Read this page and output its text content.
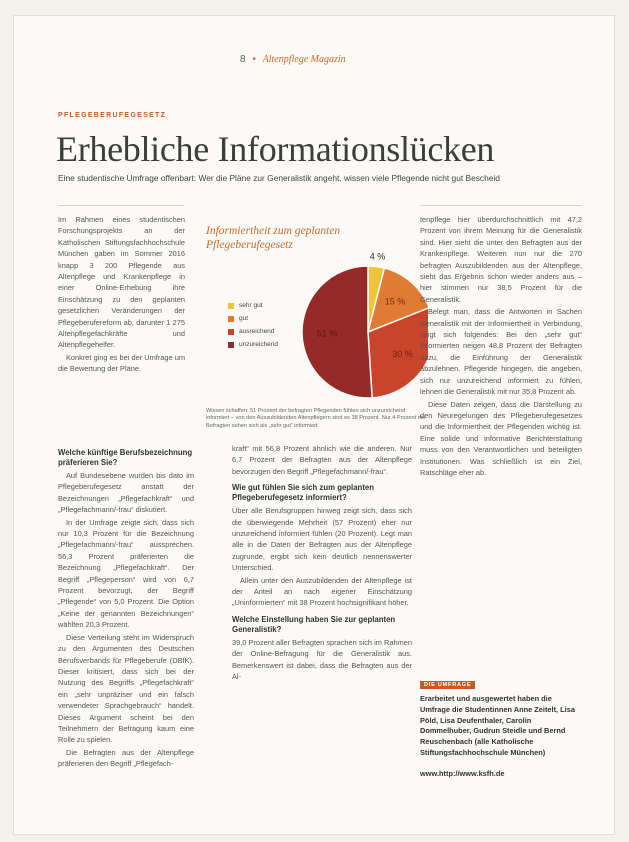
8 • Altenpflege Magazin
PFLEGEBERUFEGESETZ
Erhebliche Informationslücken
Eine studentische Umfrage offenbart: Wer die Pläne zur Generalistik angeht, wissen viele Pflegende nicht gut Bescheid

Im Rahmen eines studentischen Forschungsprojekts an der Katholischen Stiftungsfachhochschule München gaben im Sommer 2016 knapp 3 200 Pflegende aus Altenpflege und Krankenpflege in einer Online-Erhebung ihre Einschätzung zu den geplanten gesetzlichen Veränderungen der Pflegeberufereform ab, darunter 1 275 Altenpflegefachkräfte und Altenpflegehelfer.

Konkret ging es bei der Umfrage um die Bewertung der Pläne.

4 %
15 %
30 %
51 %
Informiertheit zum geplanten Pflegeberufegesetz
sehr gut
gut
ausreichend
unzureichend
Wissen schaffen: 51 Prozent der befragten Pflegenden fühlen sich unzureichend informiert – von den Auszubildenden Altenpflegern sind es 38 Prozent. Nur 4 Prozent der Befragten sehen sich als „sehr gut“ informiert.
Welche künftige Berufsbezeichnung präferieren Sie?

Auf Bundesebene wurden bis dato im Pflegeberufegesetz anstatt der Bezeichnungen „Pflegefachkraft“ und „Pflegefachmann/-frau“ diskutiert.

In der Umfrage zeigte sich, dass sich nur 10,3 Prozent für die Bezeichnung „Pflegefachmann/-frau“ aussprechen. 56,3 Prozent präferierten die Bezeichnung „Pflegefachkraft“. Der Begriff „Pflegeperson“ wird von 6,7 Prozent bevorzugt, der Begriff „Pflegende“ von 5,0 Prozent. Die Option „Keine der genannten Bezeichnungen“ wählten 20,3 Prozent.

Diese Verteilung steht im Widerspruch zu den Argumenten des Deutschen Berufsverbands für Pflegeberufe (DBfK). Dieser kritisiert, dass sich bei der Nutzung des Begriffs „Pflegefachkraft“ ein „sehr unpräziser und ein falsch verwendeter Sprachgebrauch“ handelt. Dieses Argument scheint bei den Teilnehmern der Befragung kaum eine Rolle zu spielen.

Die Befragten aus der Altenpflege präferieren den Begriff „Pflegefach-

kraft“ mit 56,8 Prozent ähnlich wie die anderen. Nur 6,7 Prozent der Befragten aus der Altenpflege bevorzugen den Begriff „Pflegefachmann/-frau“.

Wie gut fühlen Sie sich zum geplanten Pflegeberufegesetz informiert?

Über alle Berufsgruppen hinweg zeigt sich, dass sich die überwiegende Mehrheit (57 Prozent) eher nur unzureichend informiert fühlen (20 Prozent). Legt man alle in die Daten der Befragten aus der Altenpflege zugrunde, ergibt sich kein deutlich nennenswerter Unterschied.

Allein unter den Auszubildenden der Altenpflege ist der Anteil an nach eigener Einschätzung „Uninformierten“ mit 38 Prozent hochsignifikant höher.

Welche Einstellung haben Sie zur geplanten Generalistik?

39,0 Prozent aller Befragten sprachen sich im Rahmen der Online-Befragung für die Generalistik aus. Bemerkenswert ist dabei, dass die Befragten aus der Al-

tenpflege hier überdurchschnittlich mit 47,2 Prozent von ihrem Meinung für die Generalistik sind. Hier sieht die unter den Befragten aus der Krankenpflege. Weiteren nun nur die 270 befragten Auszubildenden aus der Altenpflege, sieht das Ergebnis schon wieder anders aus – hier stimmen nur 38,5 Prozent für die Generalistik.

Belegt man, dass die Antworten in Sachen Generalistik mit der Informiertheit in Verbindung, zeigt sich folgendes: Bei den „sehr gut“ Informierten neigen 48,8 Prozent der Befragten dazu, die Einführung der Generalistik abzulehnen. Pflegende hingegen, die angeben, sich nur unzureichend informiert zu fühlen, lehnen die Generalistik mit nur 35,8 Prozent ab.

Diese Daten zeigen, dass die Darstellung zu den Neuregelungen des Pflegeberufegesetzes und die Informiertheit der Pflegenden wichtig ist. Eine solide und informative Berichterstattung muss von den Verantwortlichen und beteiligten Institutionen. Was schließlich ist ein Ziel, Ratschläge eher ab.

DIE UMFRAGE
Erarbeitet und ausgewertet haben die Umfrage die Studentinnen Anne Zeitelt, Lisa Pöld, Lisa Deufenthaler, Carolin Dommelhuber, Gudrun Steidle und Bernd Reuschenbach (alle Katholische Stiftungsfachhochschule München)
www.http://www.ksfh.de
